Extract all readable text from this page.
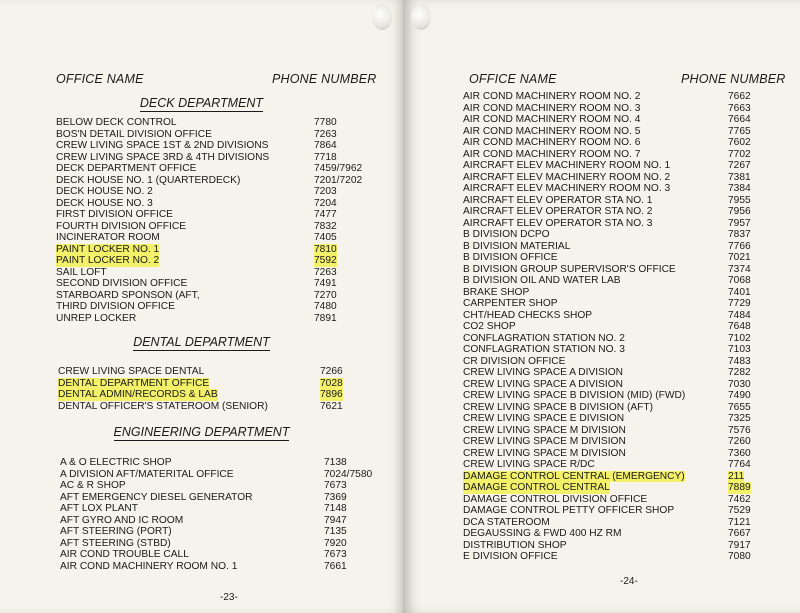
OFFICE NAME	PHONE NUMBER
DECK DEPARTMENT
BELOW DECK CONTROL	7780
BOS'N DETAIL DIVISION OFFICE	7263
CREW LIVING SPACE 1ST & 2ND DIVISIONS	7864
CREW LIVING SPACE 3RD & 4TH DIVISIONS	7718
DECK DEPARTMENT OFFICE	7459/7962
DECK HOUSE NO. 1 (QUARTERDECK)	7201/7202
DECK HOUSE NO. 2	7203
DECK HOUSE NO. 3	7204
FIRST DIVISION OFFICE	7477
FOURTH DIVISION OFFICE	7832
INCINERATOR ROOM	7405
PAINT LOCKER NO. 1	7810
PAINT LOCKER NO. 2	7592
SAIL LOFT	7263
SECOND DIVISION OFFICE	7491
STARBOARD SPONSON (AFT,	7270
THIRD DIVISION OFFICE	7480
UNREP LOCKER	7891
DENTAL DEPARTMENT
CREW LIVING SPACE DENTAL	7266
DENTAL DEPARTMENT OFFICE	7028
DENTAL ADMIN/RECORDS & LAB	7896
DENTAL OFFICER'S STATEROOM (SENIOR)	7621
ENGINEERING DEPARTMENT
A & O ELECTRIC SHOP	7138
A DIVISION AFT/MATERITAL OFFICE	7024/7580
AC & R SHOP	7673
AFT EMERGENCY DIESEL GENERATOR	7369
AFT LOX PLANT	7148
AFT GYRO AND IC ROOM	7947
AFT STEERING (PORT)	7135
AFT STEERING (STBD)	7920
AIR COND TROUBLE CALL	7673
AIR COND MACHINERY ROOM NO. 1	7661
-23-
OFFICE NAME	PHONE NUMBER
AIR COND MACHINERY ROOM NO. 2	7662
AIR COND MACHINERY ROOM NO. 3	7663
AIR COND MACHINERY ROOM NO. 4	7664
AIR COND MACHINERY ROOM NO. 5	7765
AIR COND MACHINERY ROOM NO. 6	7602
AIR COND MACHINERY ROOM NO. 7	7702
AIRCRAFT ELEV MACHINERY ROOM NO. 1	7267
AIRCRAFT ELEV MACHINERY ROOM NO. 2	7381
AIRCRAFT ELEV MACHINERY ROOM NO. 3	7384
AIRCRAFT ELEV OPERATOR STA NO. 1	7955
AIRCRAFT ELEV OPERATOR STA NO. 2	7956
AIRCRAFT ELEV OPERATOR STA NO. 3	7957
B DIVISION DCPO	7837
B DIVISION MATERIAL	7766
B DIVISION OFFICE	7021
B DIVISION GROUP SUPERVISOR'S OFFICE	7374
B DIVISION OIL AND WATER LAB	7068
BRAKE SHOP	7401
CARPENTER SHOP	7729
CHT/HEAD CHECKS SHOP	7484
CO2 SHOP	7648
CONFLAGRATION STATION NO. 2	7102
CONFLAGRATION STATION NO. 3	7103
CR DIVISION OFFICE	7483
CREW LIVING SPACE A DIVISION	7282
CREW LIVING SPACE A DIVISION	7030
CREW LIVING SPACE B DIVISION (MID) (FWD)	7490
CREW LIVING SPACE B DIVISION (AFT)	7655
CREW LIVING SPACE E DIVISION	7325
CREW LIVING SPACE M DIVISION	7576
CREW LIVING SPACE M DIVISION	7260
CREW LIVING SPACE M DIVISION	7360
CREW LIVING SPACE R/DC	7764
DAMAGE CONTROL CENTRAL (EMERGENCY)	211
DAMAGE CONTROL CENTRAL	7889
DAMAGE CONTROL DIVISION OFFICE	7462
DAMAGE CONTROL PETTY OFFICER SHOP	7529
DCA STATEROOM	7121
DEGAUSSING & FWD 400 HZ RM	7667
DISTRIBUTION SHOP	7917
E DIVISION OFFICE	7080
-24-
